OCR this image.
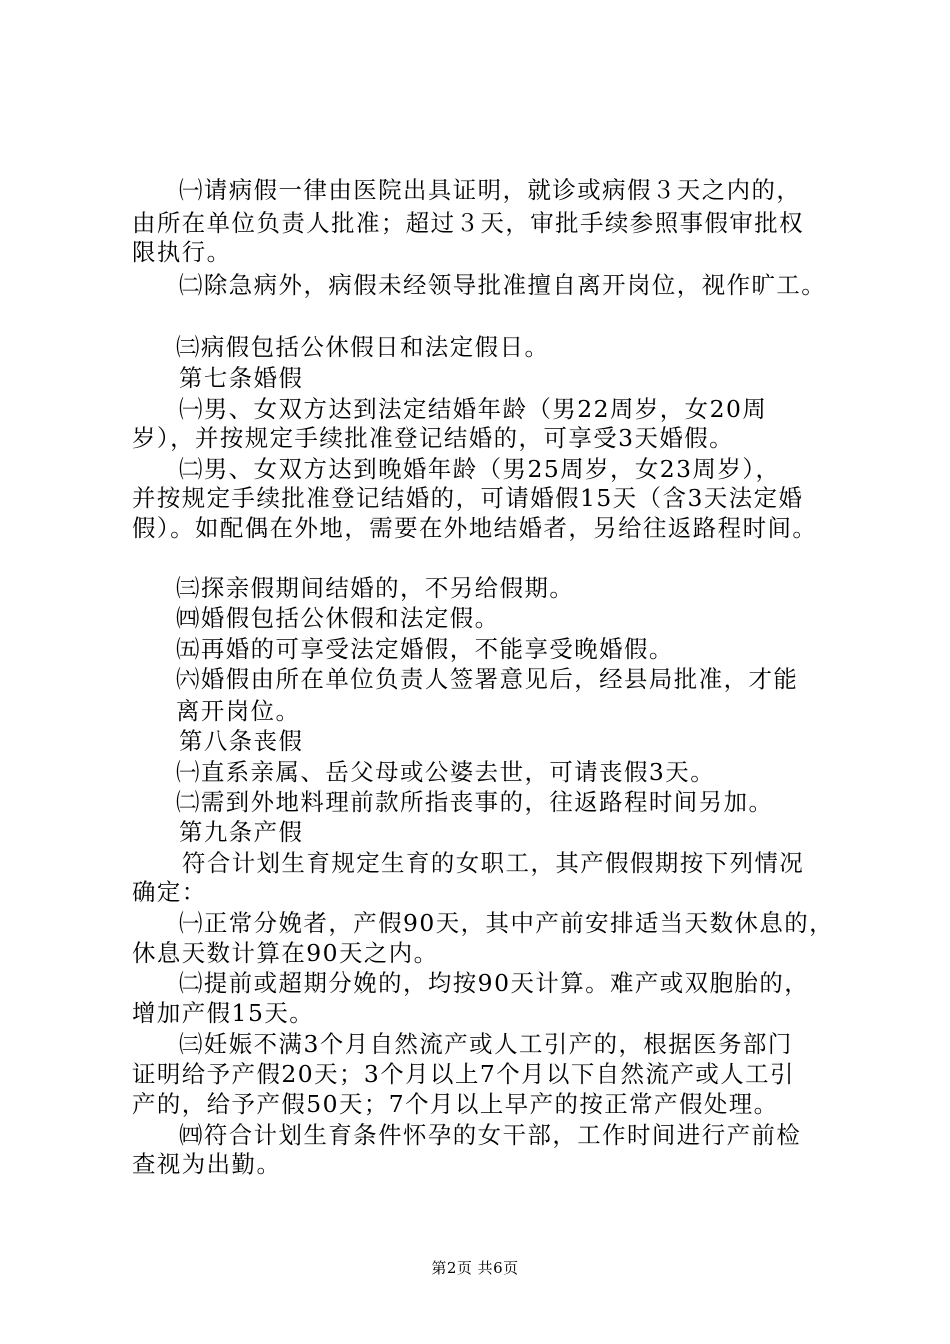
㈠请病假一律由医院出具证明，就诊或病假３天之内的，
由所在单位负责人批准；超过３天，审批手续参照事假审批权
限执行。
㈡除急病外，病假未经领导批准擅自离开岗位，视作旷工。
㈢病假包括公休假日和法定假日。
第七条婚假
㈠男、女双方达到法定结婚年龄（男22周岁，女20周
岁），并按规定手续批准登记结婚的，可享受3天婚假。
㈡男、女双方达到晚婚年龄（男25周岁，女23周岁），
并按规定手续批准登记结婚的，可请婚假15天（含3天法定婚
假）。如配偶在外地，需要在外地结婚者，另给往返路程时间。
㈢探亲假期间结婚的，不另给假期。
㈣婚假包括公休假和法定假。
㈤再婚的可享受法定婚假，不能享受晚婚假。
㈥婚假由所在单位负责人签署意见后，经县局批准，才能
离开岗位。
第八条丧假
㈠直系亲属、岳父母或公婆去世，可请丧假3天。
㈡需到外地料理前款所指丧事的，往返路程时间另加。
第九条产假
符合计划生育规定生育的女职工，其产假假期按下列情况
确定：
㈠正常分娩者，产假90天，其中产前安排适当天数休息的，
休息天数计算在90天之内。
㈡提前或超期分娩的，均按90天计算。难产或双胞胎的，
增加产假15天。
㈢妊娠不满3个月自然流产或人工引产的，根据医务部门
证明给予产假20天；3个月以上7个月以下自然流产或人工引
产的，给予产假50天；7个月以上早产的按正常产假处理。
㈣符合计划生育条件怀孕的女干部，工作时间进行产前检
查视为出勤。
第2页 共6页
